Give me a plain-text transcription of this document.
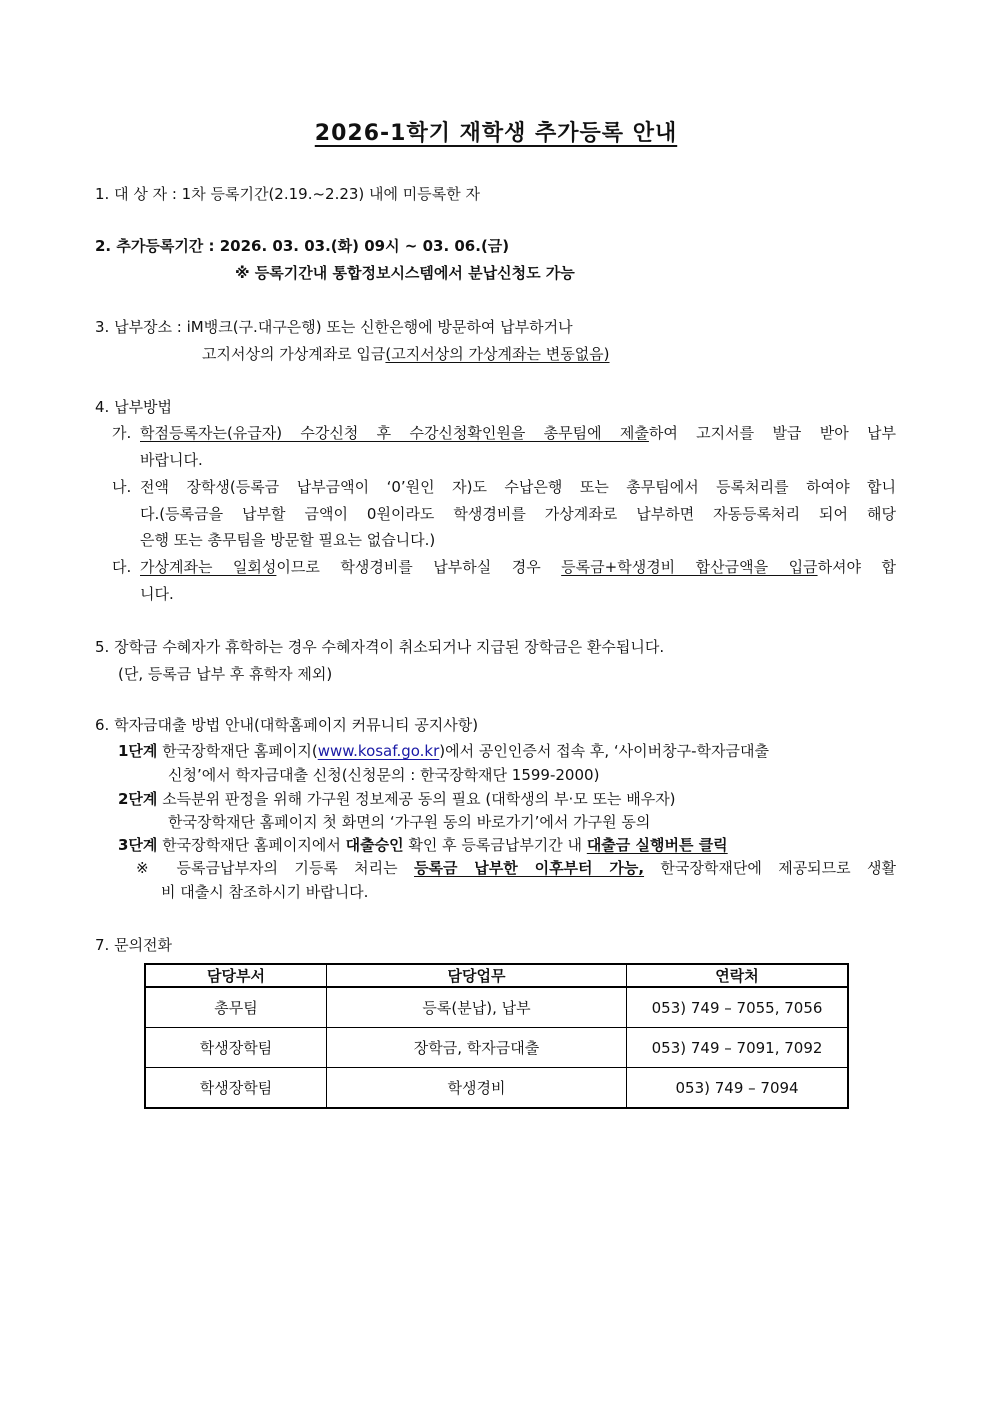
2026-1학기 재학생 추가등록 안내
1. 대 상 자 : 1차 등록기간(2.19.~2.23) 내에 미등록한 자
2. 추가등록기간 : 2026. 03. 03.(화) 09시 ~ 03. 06.(금)
※ 등록기간내 통합정보시스템에서 분납신청도 가능
3. 납부장소 : iM뱅크(구.대구은행) 또는 신한은행에 방문하여 납부하거나
고지서상의 가상계좌로 입금(고지서상의 가상계좌는 변동없음)
4. 납부방법
가. 학점등록자는(유급자) 수강신청 후 수강신청확인원을 총무팀에 제출하여 고지서를 발급 받아 납부
바랍니다.
나. 전액 장학생(등록금 납부금액이 ‘0’원인 자)도 수납은행 또는 총무팀에서 등록처리를 하여야 합니
다.(등록금을 납부할 금액이 0원이라도 학생경비를 가상계좌로 납부하면 자동등록처리 되어 해당
은행 또는 총무팀을 방문할 필요는 없습니다.)
다. 가상계좌는 일회성이므로 학생경비를 납부하실 경우 등록금+학생경비 합산금액을 입금하셔야 합
니다.
5. 장학금 수혜자가 휴학하는 경우 수혜자격이 취소되거나 지급된 장학금은 환수됩니다.
(단, 등록금 납부 후 휴학자 제외)
6. 학자금대출 방법 안내(대학홈페이지 커뮤니티 공지사항)
1단계 한국장학재단 홈페이지(www.kosaf.go.kr)에서 공인인증서 접속 후, ‘사이버창구-학자금대출
신청’에서 학자금대출 신청(신청문의 : 한국장학재단 1599-2000)
2단계 소득분위 판정을 위해 가구원 정보제공 동의 필요 (대학생의 부·모 또는 배우자)
한국장학재단 홈페이지 첫 화면의 ‘가구원 동의 바로가기’에서 가구원 동의
3단계 한국장학재단 홈페이지에서 대출승인 확인 후 등록금납부기간 내 대출금 실행버튼 클릭
※ 등록금납부자의 기등록 처리는 등록금 납부한 이후부터 가능, 한국장학재단에 제공되므로 생활
비 대출시 참조하시기 바랍니다.
7. 문의전화
담당부서	담당업무	연락처
총무팀	등록(분납), 납부	053) 749 – 7055, 7056
학생장학팀	장학금, 학자금대출	053) 749 – 7091, 7092
학생장학팀	학생경비	053) 749 – 7094
